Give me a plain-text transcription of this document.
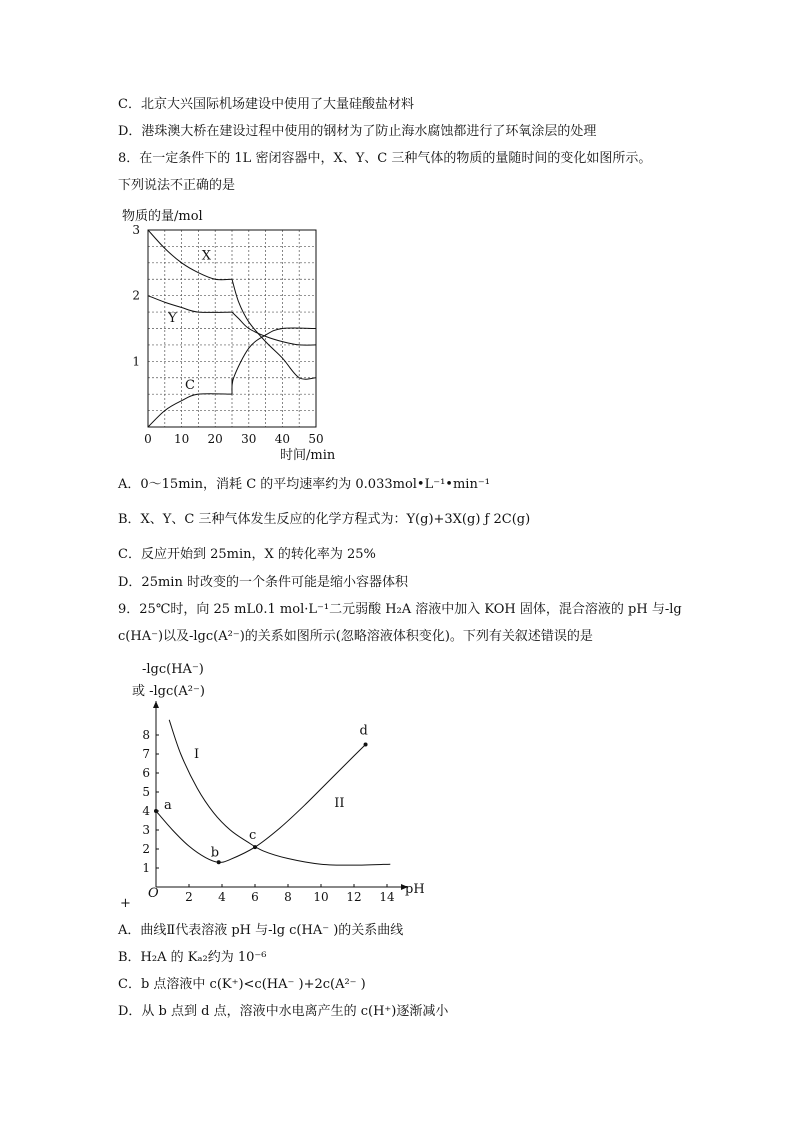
C．北京大兴国际机场建设中使用了大量硅酸盐材料
D．港珠澳大桥在建设过程中使用的钢材为了防止海水腐蚀都进行了环氧涂层的处理
8．在一定条件下的 1L 密闭容器中，X、Y、C 三种气体的物质的量随时间的变化如图所示。
下列说法不正确的是
物质的量/mol
0 10 20 30 40 50
1
2
3
X
Y
C
时间/min
A．0～15min，消耗 C 的平均速率约为 0.033mol•L⁻¹•min⁻¹
B．X、Y、C 三种气体发生反应的化学方程式为：Y(g)+3X(g) ƒ 2C(g)
C．反应开始到 25min，X 的转化率为 25%
D．25min 时改变的一个条件可能是缩小容器体积
9．25℃时，向 25 mL0.1 mol·L⁻¹二元弱酸 H₂A 溶液中加入 KOH 固体，混合溶液的 pH 与-lg
c(HA⁻)以及-lgc(A²⁻)的关系如图所示(忽略溶液体积变化)。下列有关叙述错误的是
-lgc(HA⁻)
或 -lgc(A²⁻)
2 4 6 8 10 12 14
1
2
3
4
5
6
7
8
a
b
c
d
I
II
pH
O
+
A．曲线Ⅱ代表溶液 pH 与-lg c(HA⁻ )的关系曲线
B．H₂A 的 Kₐ₂约为 10⁻⁶
C．b 点溶液中 c(K⁺)<c(HA⁻ )+2c(A²⁻ )
D．从 b 点到 d 点，溶液中水电离产生的 c(H⁺)逐渐减小
